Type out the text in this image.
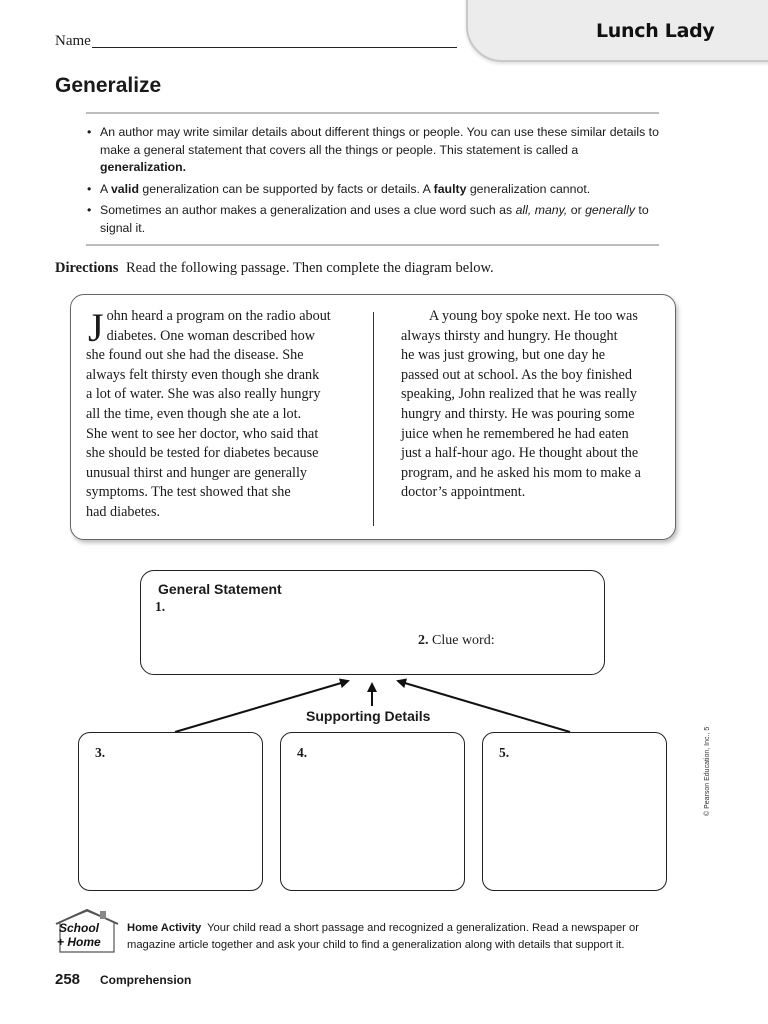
Lunch Lady
Name
Generalize
• An author may write similar details about different things or people. You can use these similar details to make a general statement that covers all the things or people. This statement is called a generalization.
• A valid generalization can be supported by facts or details. A faulty generalization cannot.
• Sometimes an author makes a generalization and uses a clue word such as all, many, or generally to signal it.
Directions Read the following passage. Then complete the diagram below.
J ohn heard a program on the radio about
diabetes. One woman described how
she found out she had the disease. She
always felt thirsty even though she drank
a lot of water. She was also really hungry
all the time, even though she ate a lot.
She went to see her doctor, who said that
she should be tested for diabetes because
unusual thirst and hunger are generally
symptoms. The test showed that she
had diabetes.
A young boy spoke next. He too was
always thirsty and hungry. He thought
he was just growing, but one day he
passed out at school. As the boy finished
speaking, John realized that he was really
hungry and thirsty. He was pouring some
juice when he remembered he had eaten
just a half-hour ago. He thought about the
program, and he asked his mom to make a
doctor’s appointment.
General Statement
1.
2. Clue word:
Supporting Details
3.	4.	5.	© Pearson Education, Inc., 5
School
+ Home
Home Activity Your child read a short passage and recognized a generalization. Read a newspaper or magazine article together and ask your child to find a generalization along with details that support it.
258 Comprehension
